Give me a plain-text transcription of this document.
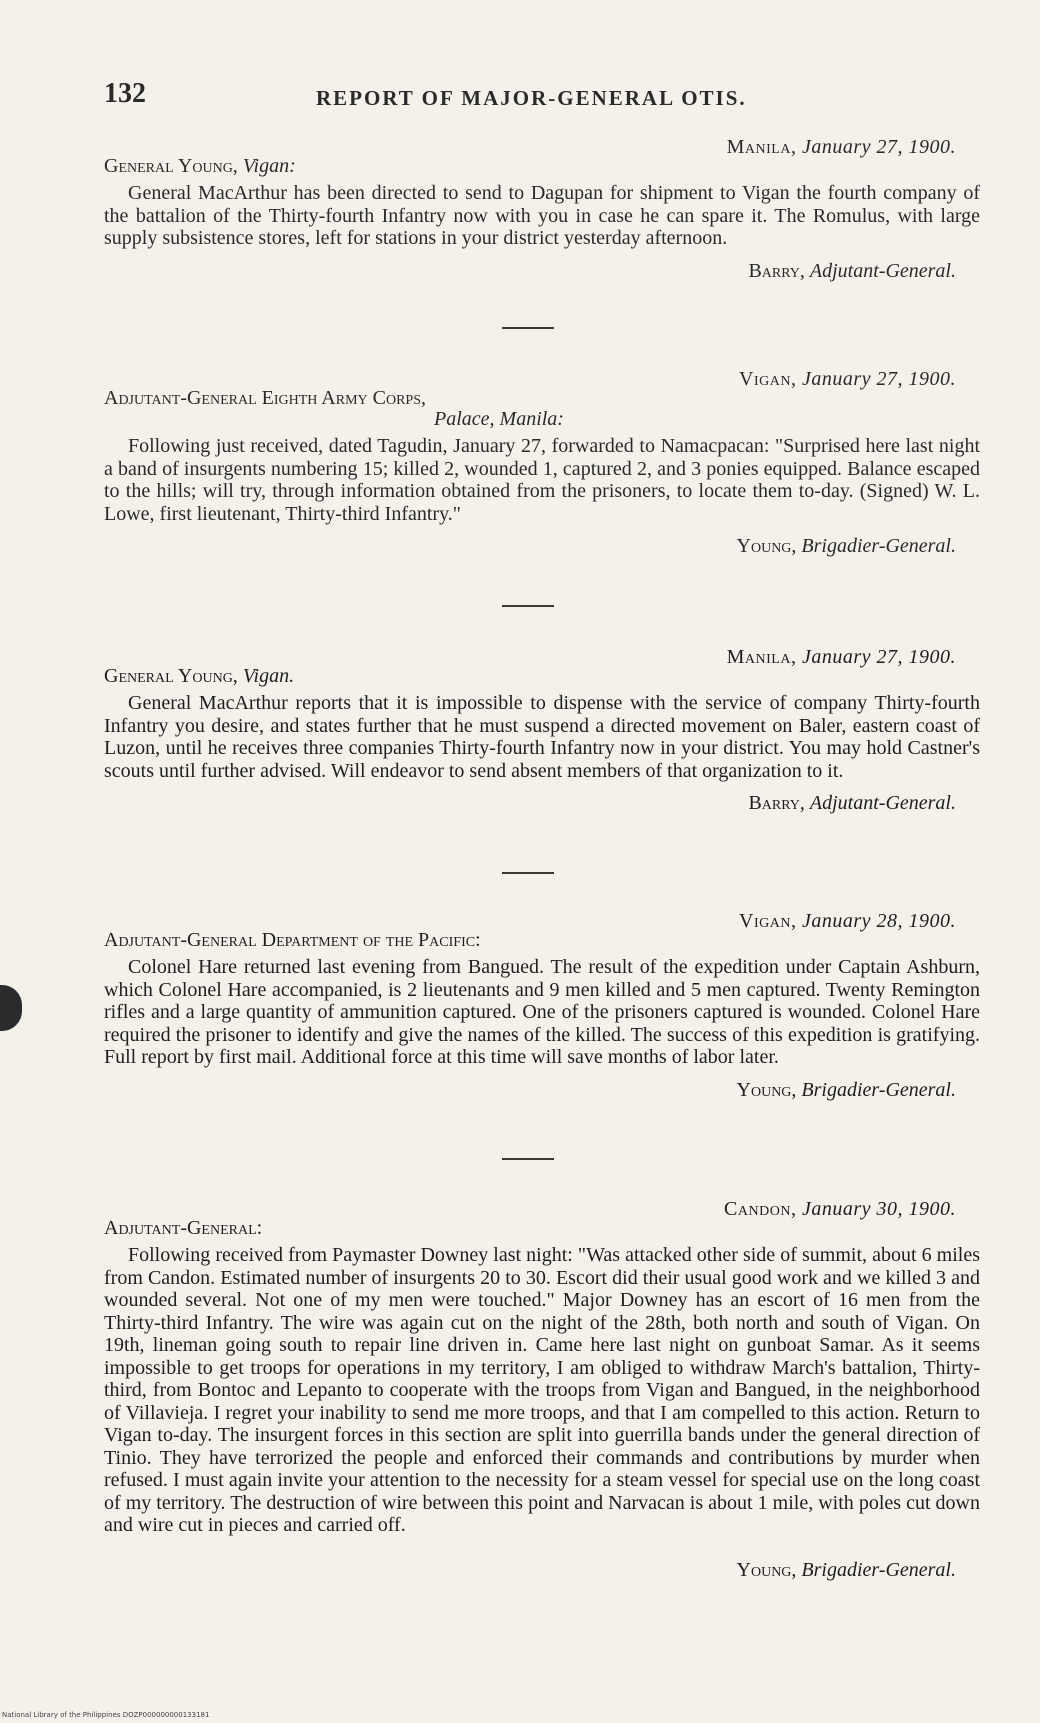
132	REPORT OF MAJOR-GENERAL OTIS.
Manila, January 27, 1900.
General Young, Vigan:
General MacArthur has been directed to send to Dagupan for shipment to Vigan the fourth company of the battalion of the Thirty-fourth Infantry now with you in case he can spare it. The Romulus, with large supply subsistence stores, left for stations in your district yesterday afternoon.
Barry, Adjutant-General.
Vigan, January 27, 1900.
Adjutant-General Eighth Army Corps,
Palace, Manila:
Following just received, dated Tagudin, January 27, forwarded to Namacpacan: "Surprised here last night a band of insurgents numbering 15; killed 2, wounded 1, captured 2, and 3 ponies equipped. Balance escaped to the hills; will try, through information obtained from the prisoners, to locate them to-day. (Signed) W. L. Lowe, first lieutenant, Thirty-third Infantry."
Young, Brigadier-General.
Manila, January 27, 1900.
General Young, Vigan.
General MacArthur reports that it is impossible to dispense with the service of company Thirty-fourth Infantry you desire, and states further that he must suspend a directed movement on Baler, eastern coast of Luzon, until he receives three companies Thirty-fourth Infantry now in your district. You may hold Castner's scouts until further advised. Will endeavor to send absent members of that organization to it.
Barry, Adjutant-General.
Vigan, January 28, 1900.
Adjutant-General Department of the Pacific:
Colonel Hare returned last evening from Bangued. The result of the expedition under Captain Ashburn, which Colonel Hare accompanied, is 2 lieutenants and 9 men killed and 5 men captured. Twenty Remington rifles and a large quantity of ammunition captured. One of the prisoners captured is wounded. Colonel Hare required the prisoner to identify and give the names of the killed. The success of this expedition is gratifying. Full report by first mail. Additional force at this time will save months of labor later.
Young, Brigadier-General.
Candon, January 30, 1900.
Adjutant-General:
Following received from Paymaster Downey last night: "Was attacked other side of summit, about 6 miles from Candon. Estimated number of insurgents 20 to 30. Escort did their usual good work and we killed 3 and wounded several. Not one of my men were touched." Major Downey has an escort of 16 men from the Thirty-third Infantry. The wire was again cut on the night of the 28th, both north and south of Vigan. On 19th, lineman going south to repair line driven in. Came here last night on gunboat Samar. As it seems impossible to get troops for operations in my territory, I am obliged to withdraw March's battalion, Thirty-third, from Bontoc and Lepanto to cooperate with the troops from Vigan and Bangued, in the neighborhood of Villavieja. I regret your inability to send me more troops, and that I am compelled to this action. Return to Vigan to-day. The insurgent forces in this section are split into guerrilla bands under the general direction of Tinio. They have terrorized the people and enforced their commands and contributions by murder when refused. I must again invite your attention to the necessity for a steam vessel for special use on the long coast of my territory. The destruction of wire between this point and Narvacan is about 1 mile, with poles cut down and wire cut in pieces and carried off.
Young, Brigadier-General.
National Library of the Philippines DOZP000000000133181
